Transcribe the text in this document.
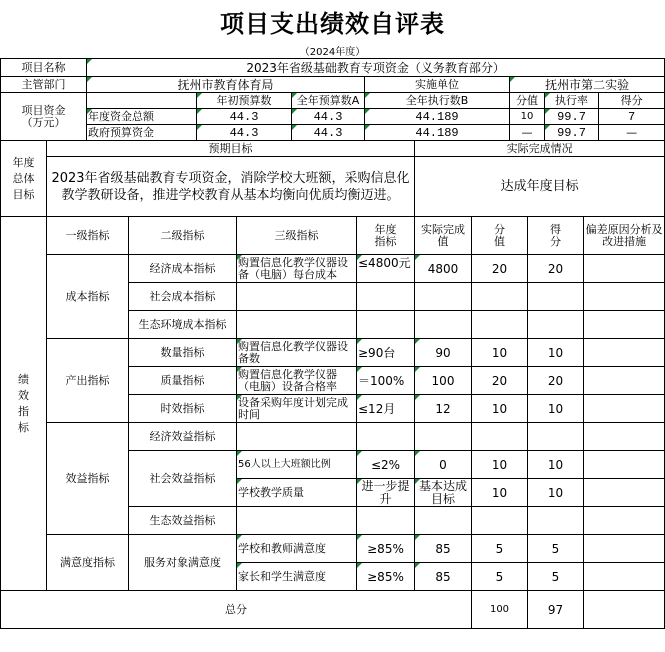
项目支出绩效自评表
（2024年度）
项目名称		2023年省级基础教育专项资金（义务教育部分）													
主管部门		抚州市教育体育局						实施单位			抚州市第二实验				
项目资金
（万元）				年初预算数		全年预算数A		全年执行数B			分值		执行率		得分
		年度资金总额		44.3		44.3		44.189			10		99.7		7
		政府预算资金		44.3		44.3		44.189			—		99.7		—
年度
总体
目标	预期目标								实际完成情况						
	2023年省级基础教育专项资金，消除学校大班额，采购信息化教学教研设备，推进学校教育从基本均衡向优质均衡迈进。								达成年度目标						
绩
效
指
标	一级指标		二级指标		三级指标		年度指标		实际完成值	分值		得分		偏差原因分析及改进措施	
	成本指标		经济成本指标		购置信息化教学仪器设备（电脑）每台成本		≤4800元		4800	20		20			
			社会成本指标												
			生态环境成本指标												
	产出指标		数量指标		购置信息化教学仪器设备数		≥90台		90	10		10			
			质量指标		购置信息化教学仪器（电脑）设备合格率		＝100%		100	20		20			
			时效指标		设备采购年度计划完成时间		≤12月		12	10		10			
	效益指标		经济效益指标												
			社会效益指标		56人以上大班额比例		≤2%		0	10		10			
					学校教学质量		进一步提升		基本达成目标	10		10			
			生态效益指标												
	满意度指标		服务对象满意度		学校和教师满意度		≥85%		85	5		5			
					家长和学生满意度		≥85%		85	5		5			
总分										100		97			
